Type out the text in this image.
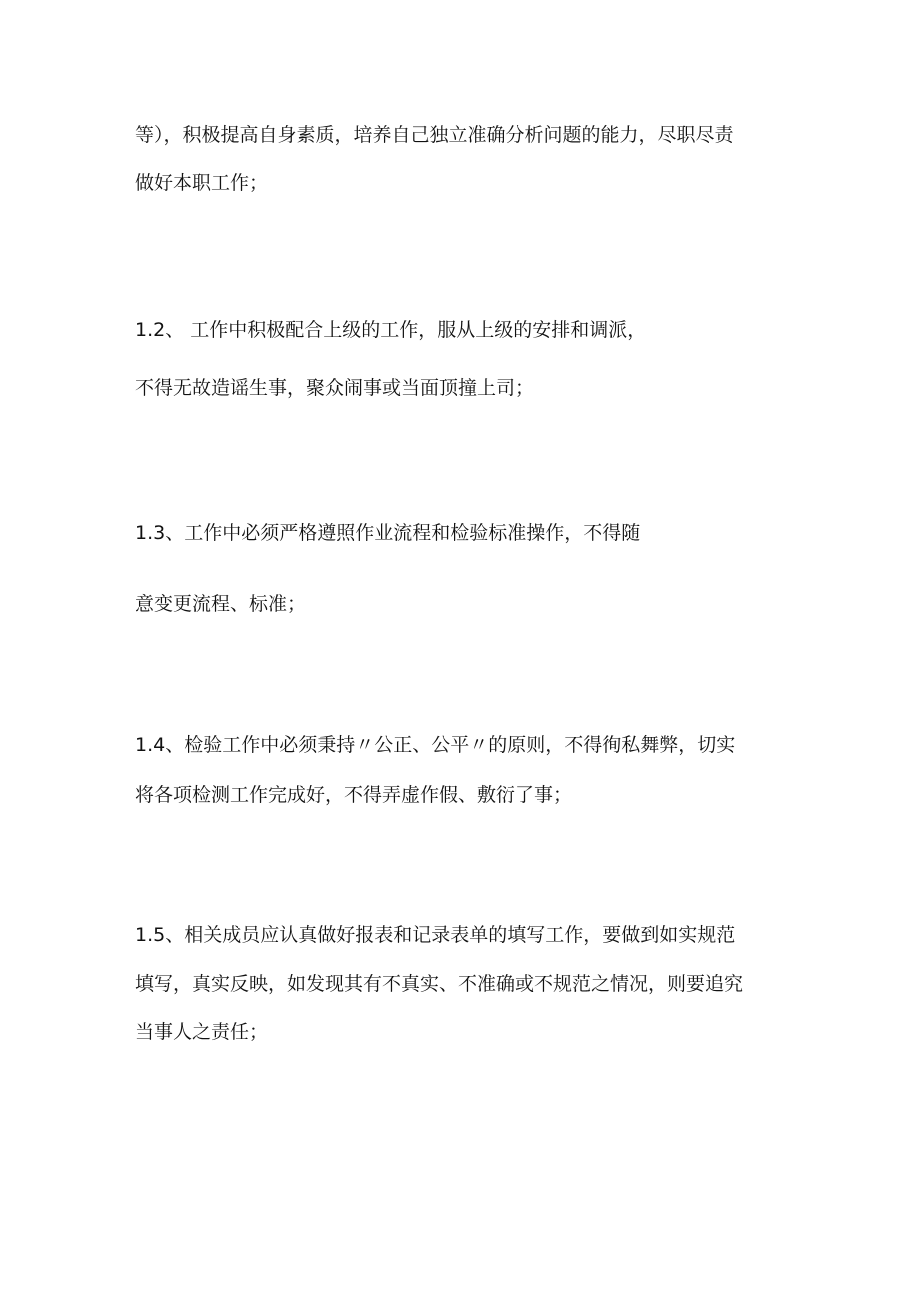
等），积极提高自身素质，培养自己独立准确分析问题的能力，尽职尽责

做好本职工作；

1.2、 工作中积极配合上级的工作，服从上级的安排和调派，

不得无故造谣生事，聚众闹事或当面顶撞上司；

1.3、工作中必须严格遵照作业流程和检验标准操作，不得随

意变更流程、标准；

1.4、检验工作中必须秉持〃公正、公平〃的原则，不得徇私舞弊，切实

将各项检测工作完成好，不得弄虚作假、敷衍了事；

1.5、相关成员应认真做好报表和记录表单的填写工作，要做到如实规范

填写，真实反映，如发现其有不真实、不准确或不规范之情况，则要追究

当事人之责任；
